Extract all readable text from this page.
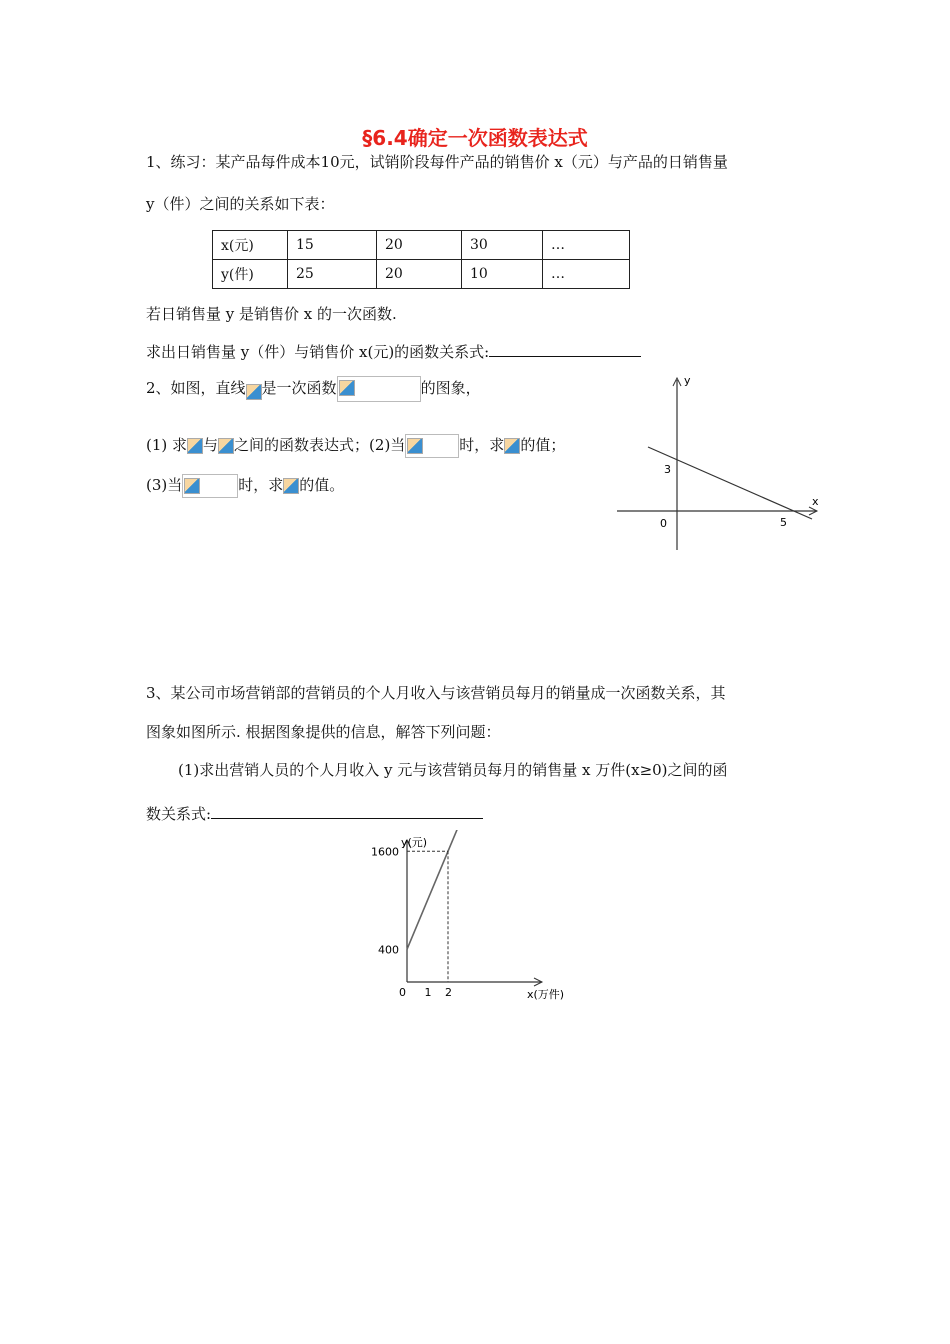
§6.4确定一次函数表达式
1、练习：某产品每件成本10元，试销阶段每件产品的销售价 x（元）与产品的日销售量
y（件）之间的关系如下表：
x(元)	15	20	30	…
y(件)	25	20	10	…
若日销售量 y 是销售价 x 的一次函数.
求出日销售量 y（件）与销售价 x(元)的函数关系式:
2、如图，直线 是一次函数	的图象，
(1) 求 与 之间的函数表达式；(2)当	时，求 的值；
(3)当	时，求 的值。
y
x
0
3
5
3、某公司市场营销部的营销员的个人月收入与该营销员每月的销量成一次函数关系，其
图象如图所示. 根据图象提供的信息，解答下列问题：
(1)求出营销人员的个人月收入 y 元与该营销员每月的销售量 x 万件(x≥0)之间的函
数关系式:
y(元)
x(万件)
0 1 2
400
1600
